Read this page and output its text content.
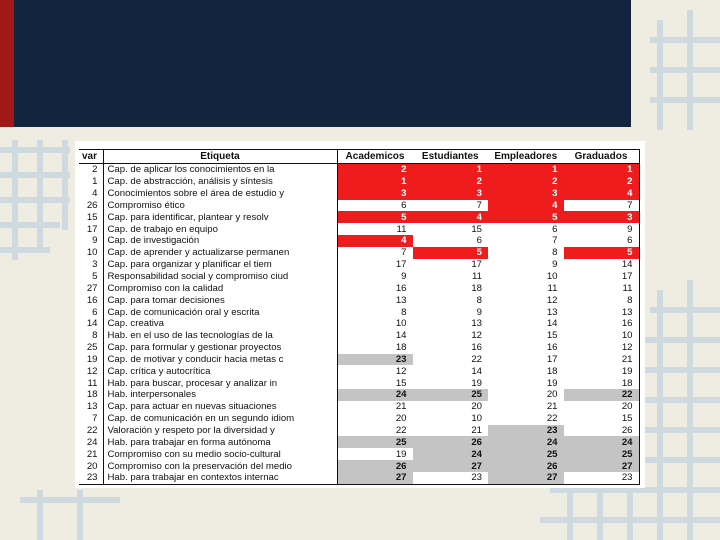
var	Etiqueta	Academicos	Estudiantes	Empleadores	Graduados
2	Cap. de aplicar los conocimientos en la	2	1	1	1
1	Cap. de abstracción, análisis y síntesis	1	2	2	2
4	Conocimientos sobre el área de estudio y	3	3	3	4
26	Compromiso ético	6	7	4	7
15	Cap. para identificar, plantear y resolv	5	4	5	3
17	Cap. de trabajo en equipo	11	15	6	9
9	Cap. de investigación	4	6	7	6
10	Cap. de aprender y actualizarse permanen	7	5	8	5
3	Cap. para organizar y planificar el tiem	17	17	9	14
5	Responsabilidad social y compromiso ciud	9	11	10	17
27	Compromiso con la calidad	16	18	11	11
16	Cap. para tomar decisiones	13	8	12	8
6	Cap. de comunicación oral y escrita	8	9	13	13
14	Cap. creativa	10	13	14	16
8	Hab. en el uso de las tecnologías de la	14	12	15	10
25	Cap. para formular y gestionar proyectos	18	16	16	12
19	Cap. de motivar y conducir hacia metas c	23	22	17	21
12	Cap. crítica y autocrítica	12	14	18	19
11	Hab. para buscar, procesar y analizar in	15	19	19	18
18	Hab. interpersonales	24	25	20	22
13	Cap. para actuar en nuevas situaciones	21	20	21	20
7	Cap. de comunicación en un segundo idiom	20	10	22	15
22	Valoración y respeto por la diversidad y	22	21	23	26
24	Hab. para trabajar en forma autónoma	25	26	24	24
21	Compromiso con su medio socio-cultural	19	24	25	25
20	Compromiso con la preservación del medio	26	27	26	27
23	Hab. para trabajar en contextos internac	27	23	27	23
